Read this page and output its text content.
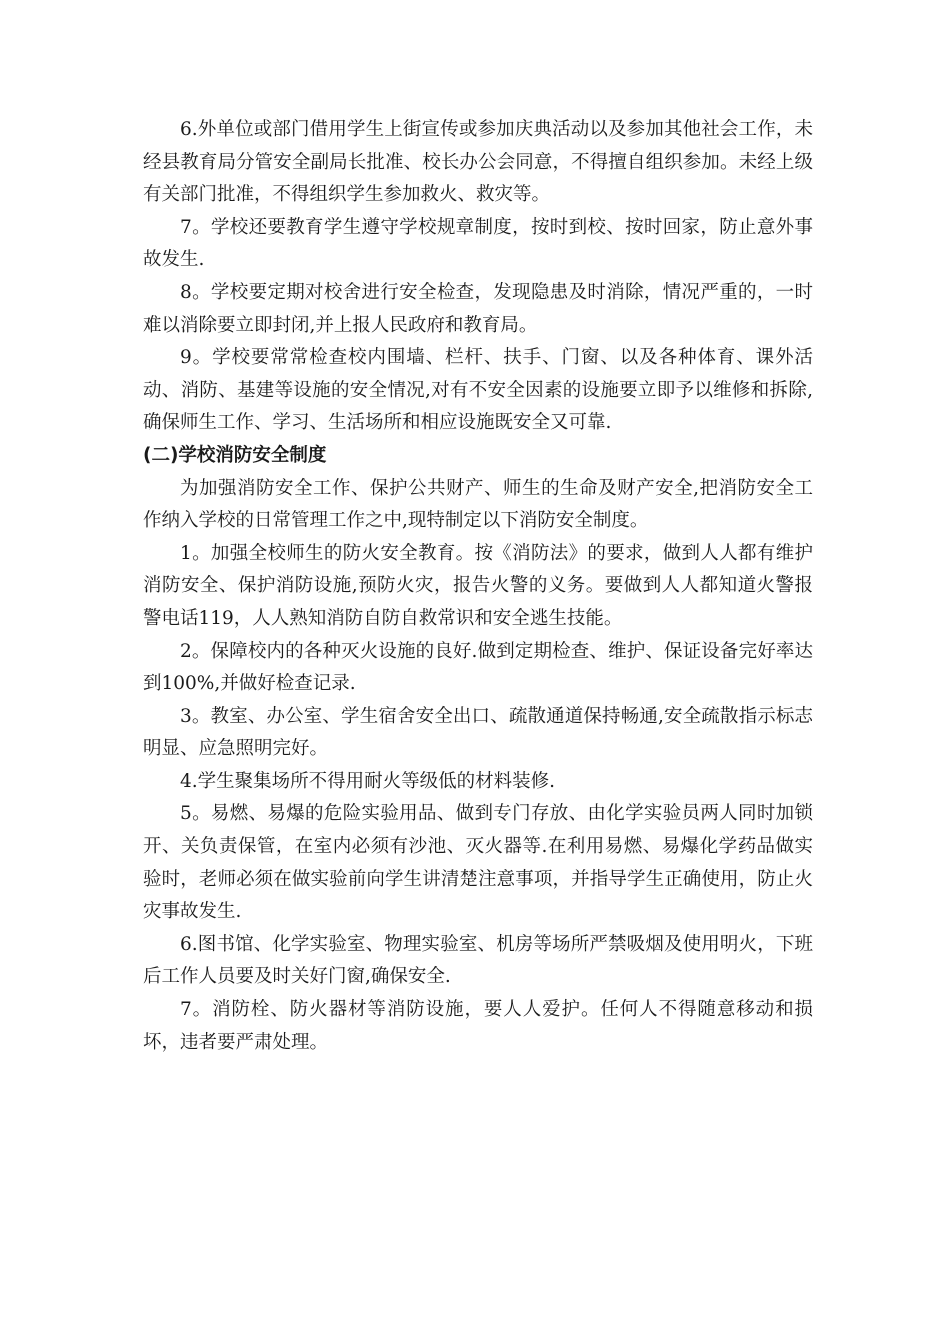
6.外单位或部门借用学生上街宣传或参加庆典活动以及参加其他社会工作，未经县教育局分管安全副局长批准、校长办公会同意，不得擅自组织参加。未经上级有关部门批准，不得组织学生参加救火、救灾等。

7。学校还要教育学生遵守学校规章制度，按时到校、按时回家，防止意外事故发生.

8。学校要定期对校舍进行安全检查，发现隐患及时消除，情况严重的，一时难以消除要立即封闭,并上报人民政府和教育局。

9。学校要常常检查校内围墙、栏杆、扶手、门窗、以及各种体育、课外活动、消防、基建等设施的安全情况,对有不安全因素的设施要立即予以维修和拆除,确保师生工作、学习、生活场所和相应设施既安全又可靠.

(二)学校消防安全制度

为加强消防安全工作、保护公共财产、师生的生命及财产安全,把消防安全工作纳入学校的日常管理工作之中,现特制定以下消防安全制度。

1。加强全校师生的防火安全教育。按《消防法》的要求，做到人人都有维护消防安全、保护消防设施,预防火灾，报告火警的义务。要做到人人都知道火警报警电话119，人人熟知消防自防自救常识和安全逃生技能。

2。保障校内的各种灭火设施的良好.做到定期检查、维护、保证设备完好率达到100%,并做好检查记录.

3。教室、办公室、学生宿舍安全出口、疏散通道保持畅通,安全疏散指示标志明显、应急照明完好。

4.学生聚集场所不得用耐火等级低的材料装修.

5。易燃、易爆的危险实验用品、做到专门存放、由化学实验员两人同时加锁开、关负责保管，在室内必须有沙池、灭火器等.在利用易燃、易爆化学药品做实验时，老师必须在做实验前向学生讲清楚注意事项，并指导学生正确使用，防止火灾事故发生.

6.图书馆、化学实验室、物理实验室、机房等场所严禁吸烟及使用明火，下班后工作人员要及时关好门窗,确保安全.

7。消防栓、防火器材等消防设施，要人人爱护。任何人不得随意移动和损坏，违者要严肃处理。
